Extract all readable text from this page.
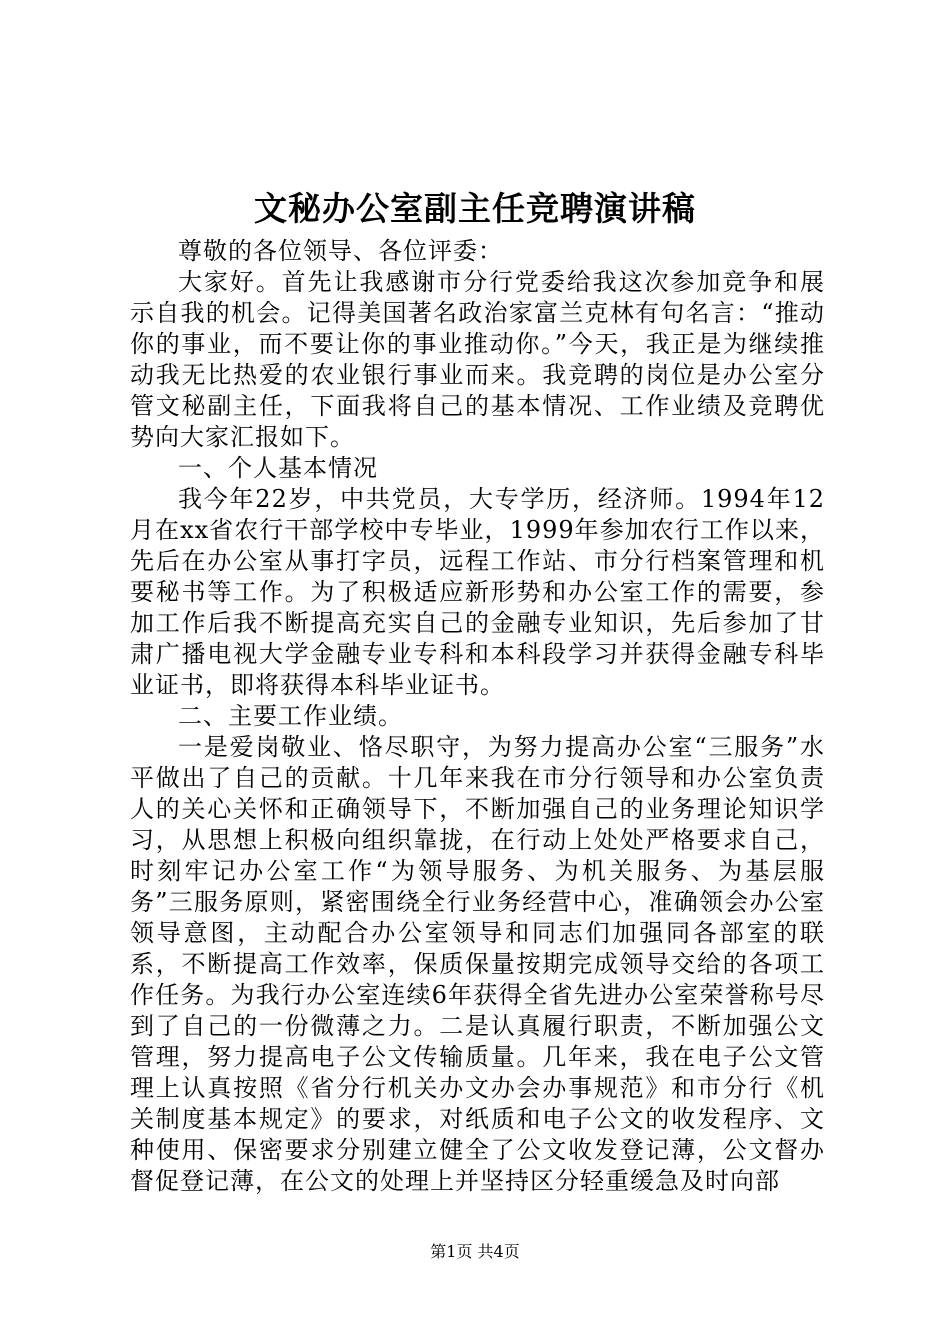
文秘办公室副主任竞聘演讲稿

尊敬的各位领导、各位评委：

大家好。首先让我感谢市分行党委给我这次参加竞争和展示自我的机会。记得美国著名政治家富兰克林有句名言：“推动你的事业，而不要让你的事业推动你。”今天，我正是为继续推动我无比热爱的农业银行事业而来。我竞聘的岗位是办公室分管文秘副主任，下面我将自己的基本情况、工作业绩及竞聘优势向大家汇报如下。

一、个人基本情况

我今年22岁，中共党员，大专学历，经济师。1994年12月在xx省农行干部学校中专毕业，1999年参加农行工作以来，先后在办公室从事打字员，远程工作站、市分行档案管理和机要秘书等工作。为了积极适应新形势和办公室工作的需要，参加工作后我不断提高充实自己的金融专业知识，先后参加了甘肃广播电视大学金融专业专科和本科段学习并获得金融专科毕业证书，即将获得本科毕业证书。

二、主要工作业绩。

一是爱岗敬业、恪尽职守，为努力提高办公室“三服务”水平做出了自己的贡献。十几年来我在市分行领导和办公室负责人的关心关怀和正确领导下，不断加强自己的业务理论知识学习，从思想上积极向组织靠拢，在行动上处处严格要求自己，时刻牢记办公室工作“为领导服务、为机关服务、为基层服务”三服务原则，紧密围绕全行业务经营中心，准确领会办公室领导意图，主动配合办公室领导和同志们加强同各部室的联系，不断提高工作效率，保质保量按期完成领导交给的各项工作任务。为我行办公室连续6年获得全省先进办公室荣誉称号尽到了自己的一份微薄之力。二是认真履行职责，不断加强公文管理，努力提高电子公文传输质量。几年来，我在电子公文管理上认真按照《省分行机关办文办会办事规范》和市分行《机关制度基本规定》的要求，对纸质和电子公文的收发程序、文种使用、保密要求分别建立健全了公文收发登记薄，公文督办督促登记薄，在公文的处理上并坚持区分轻重缓急及时向部

第1页 共4页
